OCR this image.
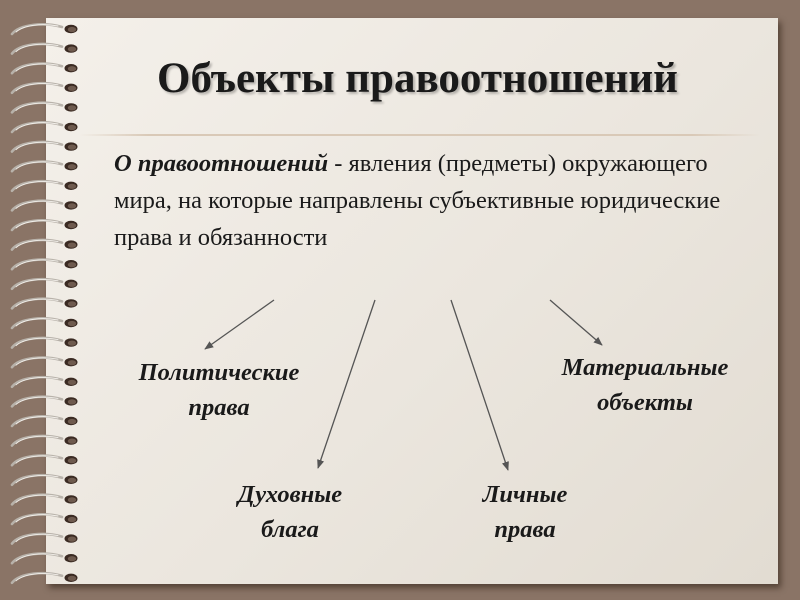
Объекты правоотношений

О правоотношений - явления (предметы) окружающего мира, на которые направлены субъективные юридические права и обязанности

Политические
права
Духовные
блага
Личные
права
Материальные
объекты
